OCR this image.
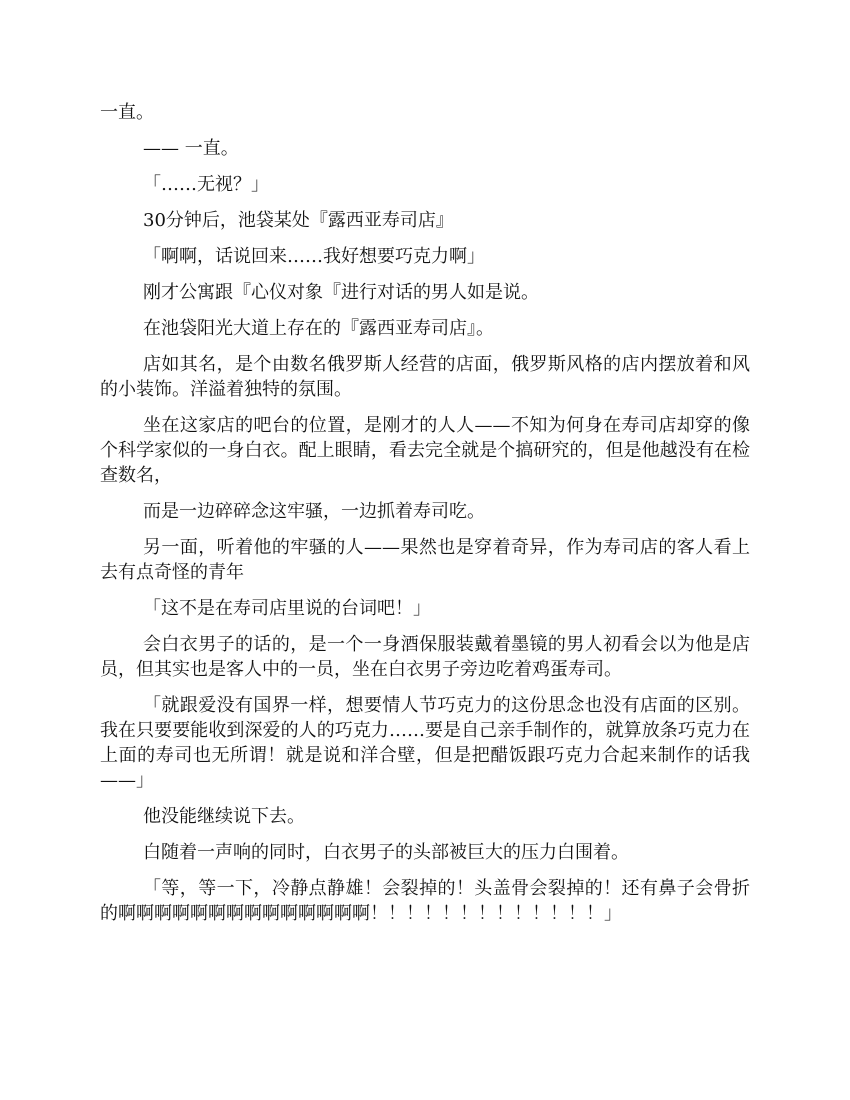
一直。

—— 一直。

「……无视？」

30分钟后，池袋某处『露西亚寿司店』

「啊啊，话说回来……我好想要巧克力啊」

刚才公寓跟『心仪对象『进行对话的男人如是说。

在池袋阳光大道上存在的『露西亚寿司店』。

店如其名，是个由数名俄罗斯人经营的店面，俄罗斯风格的店内摆放着和风的小装饰。洋溢着独特的氛围。

坐在这家店的吧台的位置，是刚才的人人——不知为何身在寿司店却穿的像个科学家似的一身白衣。配上眼睛，看去完全就是个搞研究的，但是他越没有在检查数名，

而是一边碎碎念这牢骚，一边抓着寿司吃。

另一面，听着他的牢骚的人——果然也是穿着奇异，作为寿司店的客人看上去有点奇怪的青年

「这不是在寿司店里说的台词吧！」

会白衣男子的话的，是一个一身酒保服装戴着墨镜的男人初看会以为他是店员，但其实也是客人中的一员，坐在白衣男子旁边吃着鸡蛋寿司。

「就跟爱没有国界一样，想要情人节巧克力的这份思念也没有店面的区别。我在只要要能收到深爱的人的巧克力……要是自己亲手制作的，就算放条巧克力在上面的寿司也无所谓！就是说和洋合壁，但是把醋饭跟巧克力合起来制作的话我——」

他没能继续说下去。

白随着一声响的同时，白衣男子的头部被巨大的压力白围着。

「等，等一下，冷静点静雄！会裂掉的！头盖骨会裂掉的！还有鼻子会骨折的啊啊啊啊啊啊啊啊啊啊啊啊啊啊！！！！！！！！！！！！！」
